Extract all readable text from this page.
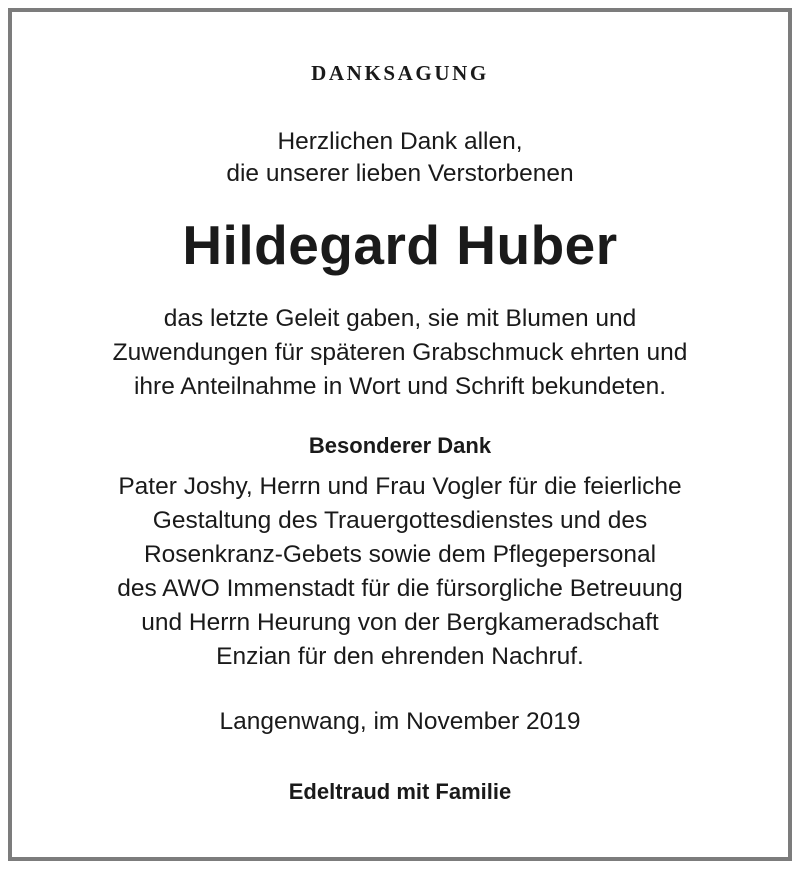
DANKSAGUNG
Herzlichen Dank allen,
die unserer lieben Verstorbenen
Hildegard Huber
das letzte Geleit gaben, sie mit Blumen und
Zuwendungen für späteren Grabschmuck ehrten und
ihre Anteilnahme in Wort und Schrift bekundeten.
Besonderer Dank
Pater Joshy, Herrn und Frau Vogler für die feierliche
Gestaltung des Trauergottesdienstes und des
Rosenkranz-Gebets sowie dem Pflegepersonal
des AWO Immenstadt für die fürsorgliche Betreuung
und Herrn Heurung von der Bergkameradschaft
Enzian für den ehrenden Nachruf.
Langenwang, im November 2019
Edeltraud mit Familie
